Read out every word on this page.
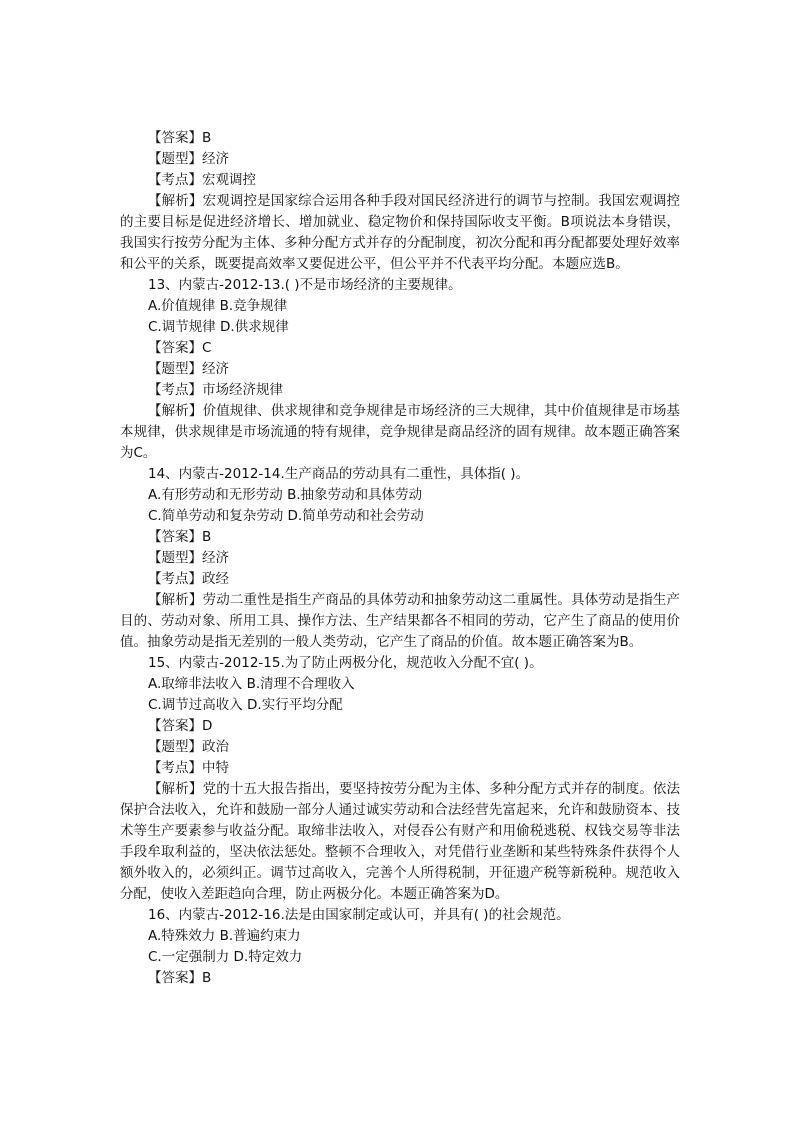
【答案】B

【题型】经济

【考点】宏观调控

【解析】宏观调控是国家综合运用各种手段对国民经济进行的调节与控制。我国宏观调控的主要目标是促进经济增长、增加就业、稳定物价和保持国际收支平衡。B项说法本身错误，我国实行按劳分配为主体、多种分配方式并存的分配制度，初次分配和再分配都要处理好效率和公平的关系，既要提高效率又要促进公平，但公平并不代表平均分配。本题应选B。

13、内蒙古-2012-13.( )不是市场经济的主要规律。

A.价值规律 B.竞争规律

C.调节规律 D.供求规律

【答案】C

【题型】经济

【考点】市场经济规律

【解析】价值规律、供求规律和竞争规律是市场经济的三大规律，其中价值规律是市场基本规律，供求规律是市场流通的特有规律，竞争规律是商品经济的固有规律。故本题正确答案为C。

14、内蒙古-2012-14.生产商品的劳动具有二重性，具体指( )。

A.有形劳动和无形劳动 B.抽象劳动和具体劳动

C.简单劳动和复杂劳动 D.简单劳动和社会劳动

【答案】B

【题型】经济

【考点】政经

【解析】劳动二重性是指生产商品的具体劳动和抽象劳动这二重属性。具体劳动是指生产目的、劳动对象、所用工具、操作方法、生产结果都各不相同的劳动，它产生了商品的使用价值。抽象劳动是指无差别的一般人类劳动，它产生了商品的价值。故本题正确答案为B。

15、内蒙古-2012-15.为了防止两极分化，规范收入分配不宜( )。

A.取缔非法收入 B.清理不合理收入

C.调节过高收入 D.实行平均分配

【答案】D

【题型】政治

【考点】中特

【解析】党的十五大报告指出，要坚持按劳分配为主体、多种分配方式并存的制度。依法保护合法收入，允许和鼓励一部分人通过诚实劳动和合法经营先富起来，允许和鼓励资本、技术等生产要素参与收益分配。取缔非法收入，对侵吞公有财产和用偷税逃税、权钱交易等非法手段牟取利益的，坚决依法惩处。整顿不合理收入，对凭借行业垄断和某些特殊条件获得个人额外收入的，必须纠正。调节过高收入，完善个人所得税制，开征遗产税等新税种。规范收入分配，使收入差距趋向合理，防止两极分化。本题正确答案为D。

16、内蒙古-2012-16.法是由国家制定或认可，并具有( )的社会规范。

A.特殊效力 B.普遍约束力

C.一定强制力 D.特定效力

【答案】B
